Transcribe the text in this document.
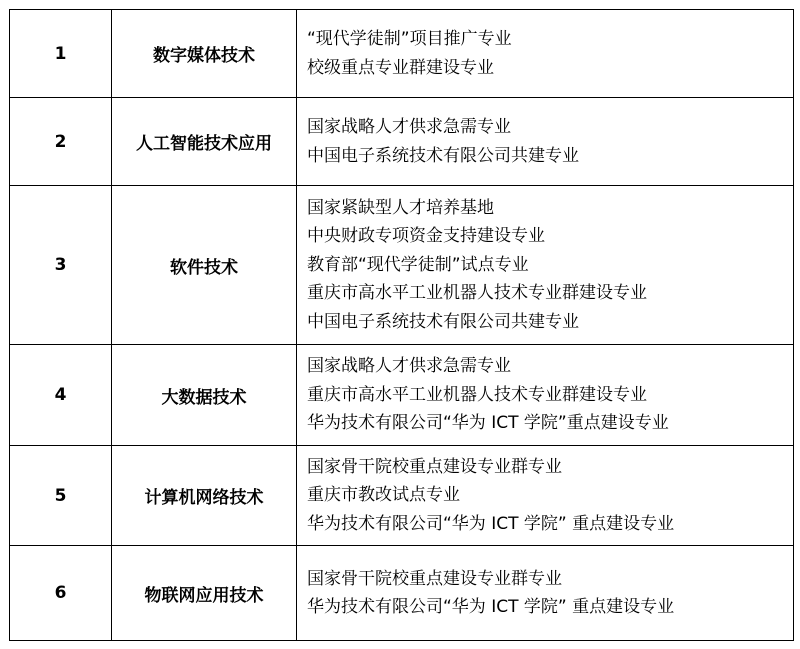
1	数字媒体技术	“现代学徒制”项目推广专业
校级重点专业群建设专业

2	人工智能技术应用	国家战略人才供求急需专业
中国电子系统技术有限公司共建专业

3	软件技术	国家紧缺型人才培养基地
中央财政专项资金支持建设专业
教育部“现代学徒制”试点专业
重庆市高水平工业机器人技术专业群建设专业
中国电子系统技术有限公司共建专业

4	大数据技术	国家战略人才供求急需专业
重庆市高水平工业机器人技术专业群建设专业
华为技术有限公司“华为 ICT 学院”重点建设专业

5	计算机网络技术	国家骨干院校重点建设专业群专业
重庆市教改试点专业
华为技术有限公司“华为 ICT 学院” 重点建设专业

6	物联网应用技术	国家骨干院校重点建设专业群专业
华为技术有限公司“华为 ICT 学院” 重点建设专业
